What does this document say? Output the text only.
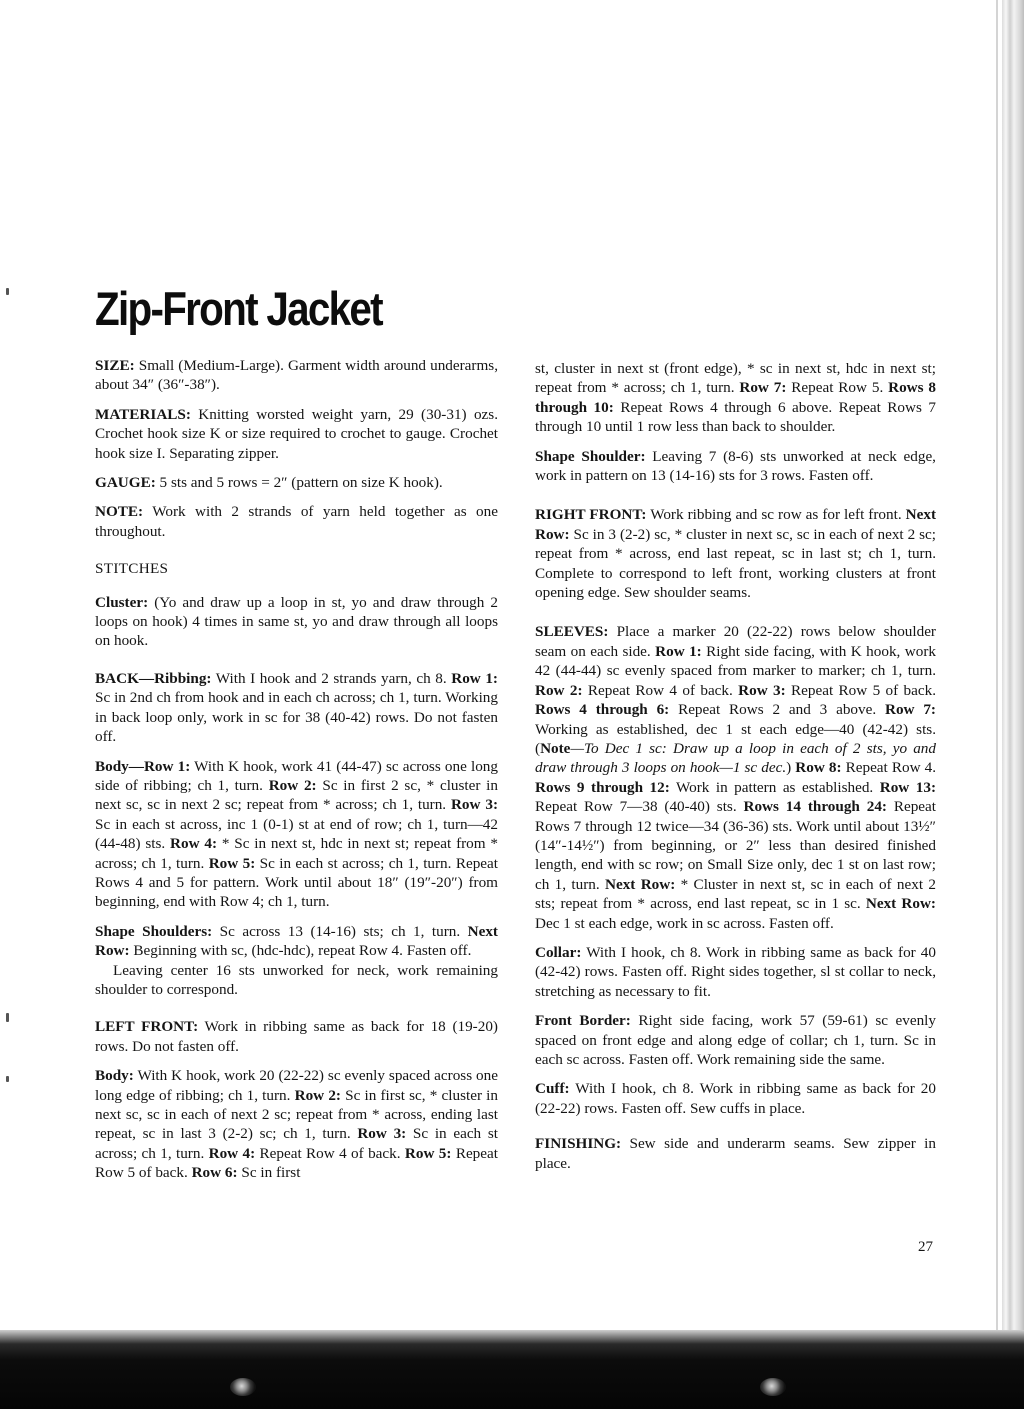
Zip-Front Jacket

SIZE: Small (Medium-Large). Garment width around underarms, about 34″ (36″-38″).

MATERIALS: Knitting worsted weight yarn, 29 (30-31) ozs. Crochet hook size K or size required to crochet to gauge. Crochet hook size I. Separating zipper.

GAUGE: 5 sts and 5 rows = 2″ (pattern on size K hook).

NOTE: Work with 2 strands of yarn held together as one throughout.

STITCHES

Cluster: (Yo and draw up a loop in st, yo and draw through 2 loops on hook) 4 times in same st, yo and draw through all loops on hook.

BACK—Ribbing: With I hook and 2 strands yarn, ch 8. Row 1: Sc in 2nd ch from hook and in each ch across; ch 1, turn. Working in back loop only, work in sc for 38 (40-42) rows. Do not fasten off.

Body—Row 1: With K hook, work 41 (44-47) sc across one long side of ribbing; ch 1, turn. Row 2: Sc in first 2 sc, * cluster in next sc, sc in next 2 sc; repeat from * across; ch 1, turn. Row 3: Sc in each st across, inc 1 (0-1) st at end of row; ch 1, turn—42 (44-48) sts. Row 4: * Sc in next st, hdc in next st; repeat from * across; ch 1, turn. Row 5: Sc in each st across; ch 1, turn. Repeat Rows 4 and 5 for pattern. Work until about 18″ (19″-20″) from beginning, end with Row 4; ch 1, turn.

Shape Shoulders: Sc across 13 (14-16) sts; ch 1, turn. Next Row: Beginning with sc, (hdc-hdc), repeat Row 4. Fasten off.

Leaving center 16 sts unworked for neck, work remaining shoulder to correspond.

LEFT FRONT: Work in ribbing same as back for 18 (19-20) rows. Do not fasten off.

Body: With K hook, work 20 (22-22) sc evenly spaced across one long edge of ribbing; ch 1, turn. Row 2: Sc in first sc, * cluster in next sc, sc in each of next 2 sc; repeat from * across, ending last repeat, sc in last 3 (2-2) sc; ch 1, turn. Row 3: Sc in each st across; ch 1, turn. Row 4: Repeat Row 4 of back. Row 5: Repeat Row 5 of back. Row 6: Sc in first

st, cluster in next st (front edge), * sc in next st, hdc in next st; repeat from * across; ch 1, turn. Row 7: Repeat Row 5. Rows 8 through 10: Repeat Rows 4 through 6 above. Repeat Rows 7 through 10 until 1 row less than back to shoulder.

Shape Shoulder: Leaving 7 (8-6) sts unworked at neck edge, work in pattern on 13 (14-16) sts for 3 rows. Fasten off.

RIGHT FRONT: Work ribbing and sc row as for left front. Next Row: Sc in 3 (2-2) sc, * cluster in next sc, sc in each of next 2 sc; repeat from * across, end last repeat, sc in last st; ch 1, turn. Complete to correspond to left front, working clusters at front opening edge. Sew shoulder seams.

SLEEVES: Place a marker 20 (22-22) rows below shoulder seam on each side. Row 1: Right side facing, with K hook, work 42 (44-44) sc evenly spaced from marker to marker; ch 1, turn. Row 2: Repeat Row 4 of back. Row 3: Repeat Row 5 of back. Rows 4 through 6: Repeat Rows 2 and 3 above. Row 7: Working as established, dec 1 st each edge—40 (42-42) sts. (Note—To Dec 1 sc: Draw up a loop in each of 2 sts, yo and draw through 3 loops on hook—1 sc dec.) Row 8: Repeat Row 4. Rows 9 through 12: Work in pattern as established. Row 13: Repeat Row 7—38 (40-40) sts. Rows 14 through 24: Repeat Rows 7 through 12 twice—34 (36-36) sts. Work until about 13½″ (14″-14½″) from beginning, or 2″ less than desired finished length, end with sc row; on Small Size only, dec 1 st on last row; ch 1, turn. Next Row: * Cluster in next st, sc in each of next 2 sts; repeat from * across, end last repeat, sc in 1 sc. Next Row: Dec 1 st each edge, work in sc across. Fasten off.

Collar: With I hook, ch 8. Work in ribbing same as back for 40 (42-42) rows. Fasten off. Right sides together, sl st collar to neck, stretching as necessary to fit.

Front Border: Right side facing, work 57 (59-61) sc evenly spaced on front edge and along edge of collar; ch 1, turn. Sc in each sc across. Fasten off. Work remaining side the same.

Cuff: With I hook, ch 8. Work in ribbing same as back for 20 (22-22) rows. Fasten off. Sew cuffs in place.

FINISHING: Sew side and underarm seams. Sew zipper in place.

27
